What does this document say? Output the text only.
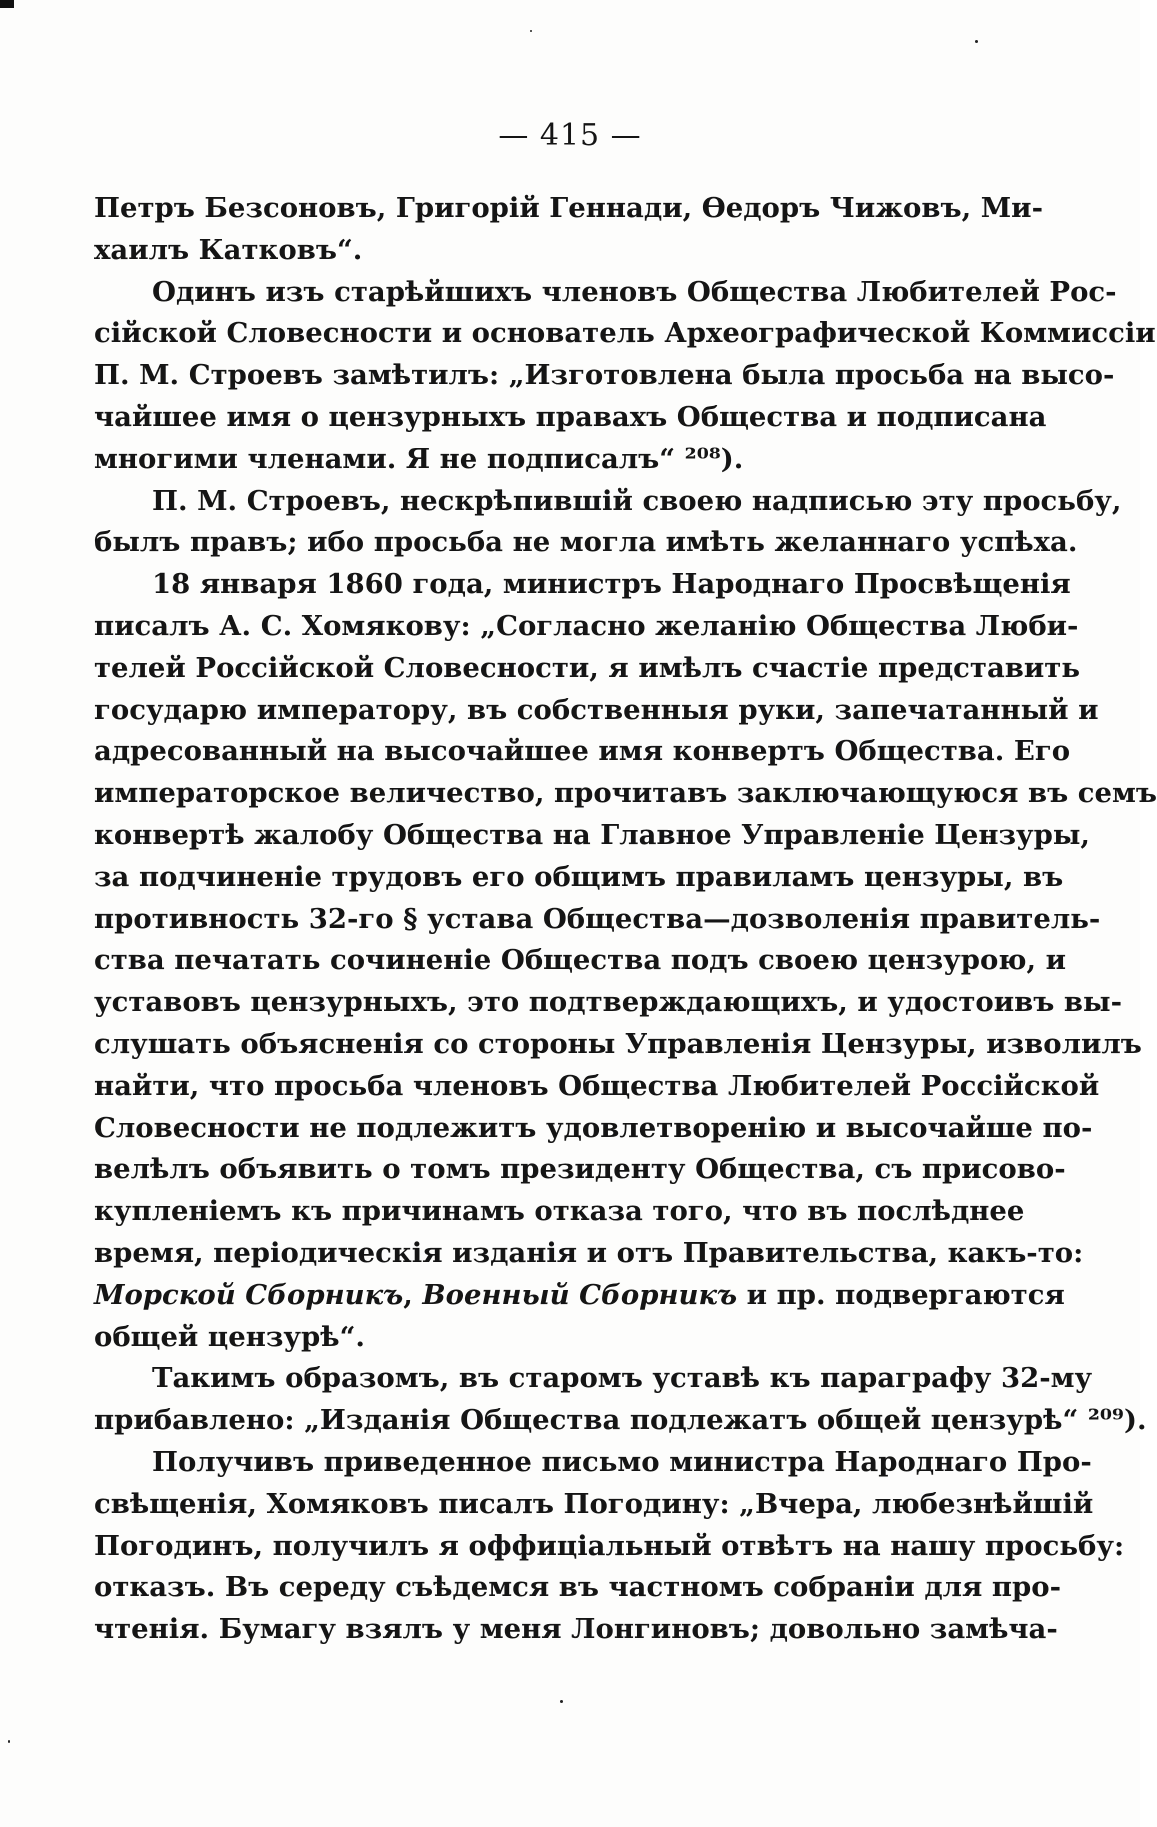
— 415 —
Петръ Безсоновъ, Григорій Геннади, Ѳедоръ Чижовъ, Ми-
хаилъ Катковъ“.
Одинъ изъ старѣйшихъ членовъ Общества Любителей Рос-
сійской Словесности и основатель Археографической Коммиссіи
П. М. Строевъ замѣтилъ: „Изготовлена была просьба на высо-
чайшее имя о цензурныхъ правахъ Общества и подписана
многими членами. Я не подписалъ“ ²⁰⁸).
П. М. Строевъ, нескрѣпившій своею надписью эту просьбу,
былъ правъ; ибо просьба не могла имѣть желаннаго успѣха.
18 января 1860 года, министръ Народнаго Просвѣщенія
писалъ А. С. Хомякову: „Согласно желанію Общества Люби-
телей Россійской Словесности, я имѣлъ счастіе представить
государю императору, въ собственныя руки, запечатанный и
адресованный на высочайшее имя конвертъ Общества. Его
императорское величество, прочитавъ заключающуюся въ семъ
конвертѣ жалобу Общества на Главное Управленіе Цензуры,
за подчиненіе трудовъ его общимъ правиламъ цензуры, въ
противность 32-го § устава Общества—дозволенія правитель-
ства печатать сочиненіе Общества подъ своею цензурою, и
уставовъ цензурныхъ, это подтверждающихъ, и удостоивъ вы-
слушать объясненія со стороны Управленія Цензуры, изволилъ
найти, что просьба членовъ Общества Любителей Россійской
Словесности не подлежитъ удовлетворенію и высочайше по-
велѣлъ объявить о томъ президенту Общества, съ присово-
купленіемъ къ причинамъ отказа того, что въ послѣднее
время, періодическія изданія и отъ Правительства, какъ-то:
Морской Сборникъ, Военный Сборникъ и пр. подвергаются
общей цензурѣ“.
Такимъ образомъ, въ старомъ уставѣ къ параграфу 32-му
прибавлено: „Изданія Общества подлежатъ общей цензурѣ“ ²⁰⁹).
Получивъ приведенное письмо министра Народнаго Про-
свѣщенія, Хомяковъ писалъ Погодину: „Вчера, любезнѣйшій
Погодинъ, получилъ я оффиціальный отвѣтъ на нашу просьбу:
отказъ. Въ середу съѣдемся въ частномъ собраніи для про-
чтенія. Бумагу взялъ у меня Лонгиновъ; довольно замѣча-
